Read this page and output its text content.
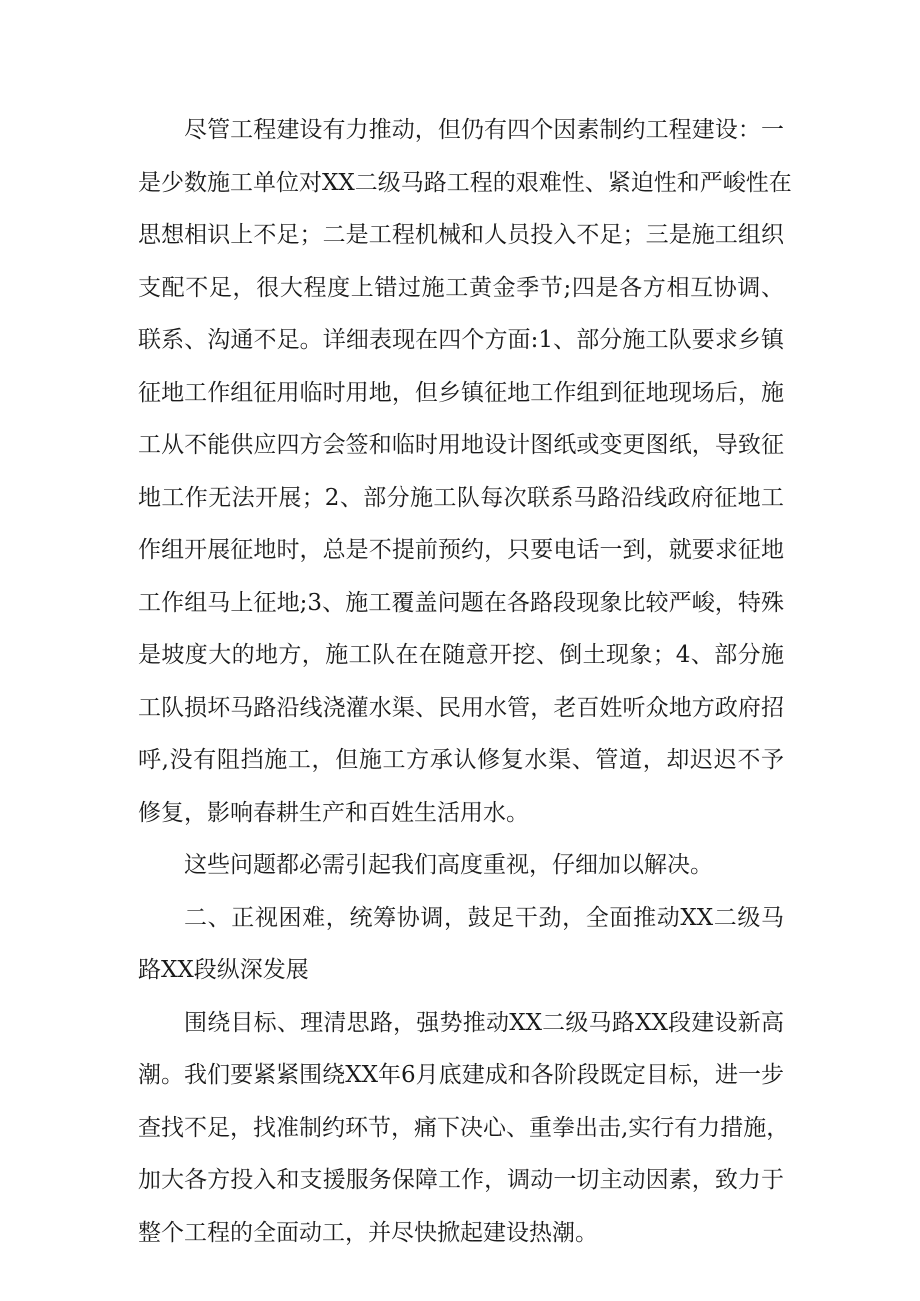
尽管工程建设有力推动，但仍有四个因素制约工程建设：一
是少数施工单位对XX二级马路工程的艰难性、紧迫性和严峻性在
思想相识上不足；二是工程机械和人员投入不足；三是施工组织
支配不足，很大程度上错过施工黄金季节;四是各方相互协调、
联系、沟通不足。详细表现在四个方面:1、部分施工队要求乡镇
征地工作组征用临时用地，但乡镇征地工作组到征地现场后，施
工从不能供应四方会签和临时用地设计图纸或变更图纸，导致征
地工作无法开展；2、部分施工队每次联系马路沿线政府征地工
作组开展征地时，总是不提前预约，只要电话一到，就要求征地
工作组马上征地;3、施工覆盖问题在各路段现象比较严峻，特殊
是坡度大的地方，施工队在在随意开挖、倒土现象；4、部分施
工队损坏马路沿线浇灌水渠、民用水管，老百姓听众地方政府招
呼,没有阻挡施工，但施工方承认修复水渠、管道，却迟迟不予
修复，影响春耕生产和百姓生活用水。
这些问题都必需引起我们高度重视，仔细加以解决。
二、正视困难，统筹协调，鼓足干劲，全面推动XX二级马
路XX段纵深发展
围绕目标、理清思路，强势推动XX二级马路XX段建设新高
潮。我们要紧紧围绕XX年6月底建成和各阶段既定目标，进一步
查找不足，找准制约环节，痛下决心、重拳出击,实行有力措施，
加大各方投入和支援服务保障工作，调动一切主动因素，致力于
整个工程的全面动工，并尽快掀起建设热潮。
